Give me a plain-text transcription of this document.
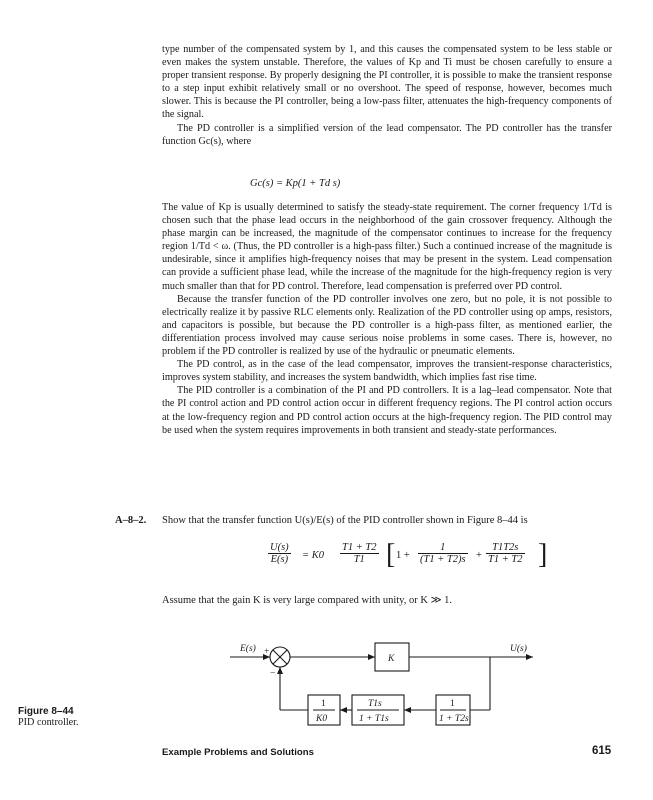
type number of the compensated system by 1, and this causes the compensated system to be less stable or even makes the system unstable. Therefore, the values of Kp and Ti must be chosen carefully to ensure a proper transient response. By properly designing the PI controller, it is possible to make the transient response to a step input exhibit relatively small or no overshoot. The speed of response, however, becomes much slower. This is because the PI controller, being a low-pass filter, attenuates the high-frequency components of the signal.

The PD controller is a simplified version of the lead compensator. The PD controller has the transfer function Gc(s), where

Gc(s) = Kp(1 + Td s)

The value of Kp is usually determined to satisfy the steady-state requirement. The corner frequency 1/Td is chosen such that the phase lead occurs in the neighborhood of the gain crossover frequency. Although the phase margin can be increased, the magnitude of the compensator continues to increase for the frequency region 1/Td < ω. (Thus, the PD controller is a high-pass filter.) Such a continued increase of the magnitude is undesirable, since it amplifies high-frequency noises that may be present in the system. Lead compensation can provide a sufficient phase lead, while the increase of the magnitude for the high-frequency region is very much smaller than that for PD control. Therefore, lead compensation is preferred over PD control.

Because the transfer function of the PD controller involves one zero, but no pole, it is not possible to electrically realize it by passive RLC elements only. Realization of the PD controller using op amps, resistors, and capacitors is possible, but because the PD controller is a high-pass filter, as mentioned earlier, the differentiation process involved may cause serious noise problems in some cases. There is, however, no problem if the PD controller is realized by use of the hydraulic or pneumatic elements.

The PD control, as in the case of the lead compensator, improves the transient-response characteristics, improves system stability, and increases the system bandwidth, which implies fast rise time.

The PID controller is a combination of the PI and PD controllers. It is a lag–lead compensator. Note that the PI control action and PD control action occur in different frequency regions. The PI control action occurs at the low-frequency region and PD control action occurs at the high-frequency region. The PID control may be used when the system requires improvements in both transient and steady-state performances.

A–8–2. Show that the transfer function U(s)/E(s) of the PID controller shown in Figure 8–44 is
$\frac{U(s)}{E(s)} = K0 \frac{T1 + T2}{T1}$ [ $1 + \frac{1}{(T1 + T2)s} + \frac{T1T2s}{T1 + T2}$ ]
Assume that the gain K is very large compared with unity, or K ≫ 1.
E(s)	U(s)
K
+
−
1
K0
T1s
1 + T1s
1
1 + T2s
Figure 8–44
PID controller.
Example Problems and Solutions	615
